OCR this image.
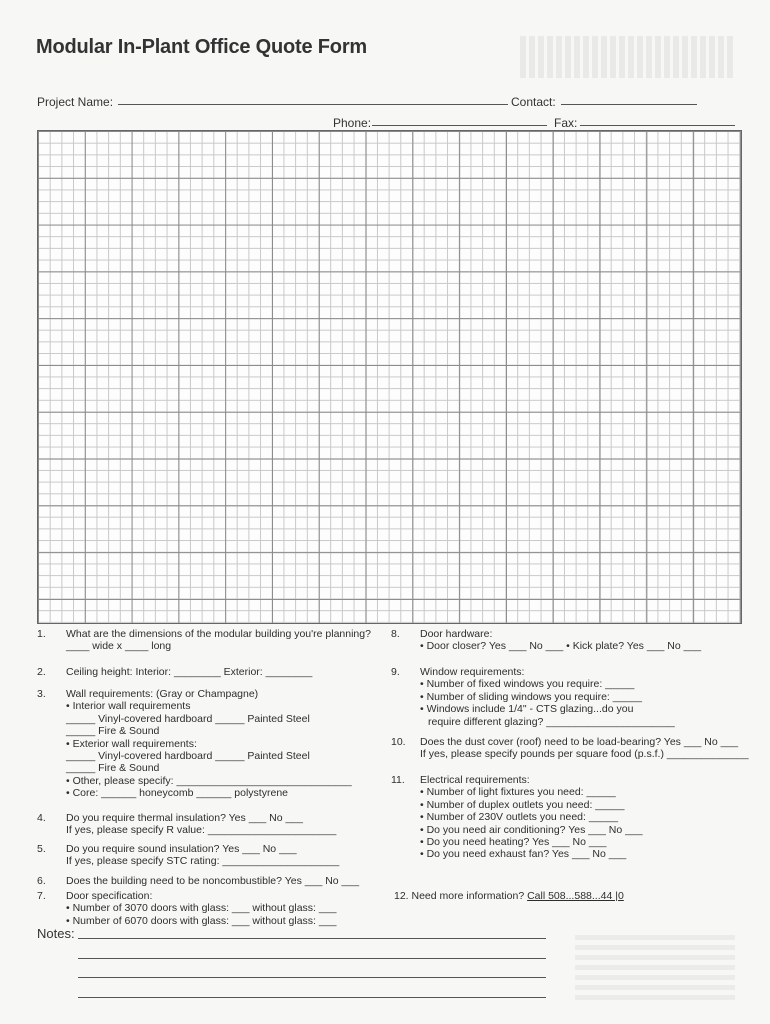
Modular In-Plant Office Quote Form
Project Name:	Contact:
Phone:	Fax:
1.	What are the dimensions of the modular building you're planning?
____ wide x ____ long
2.	Ceiling height: Interior: ________ Exterior: ________
3.	Wall requirements: (Gray or Champagne)
• Interior wall requirements
_____ Vinyl-covered hardboard _____ Painted Steel
_____ Fire & Sound
• Exterior wall requirements:
_____ Vinyl-covered hardboard _____ Painted Steel
_____ Fire & Sound
• Other, please specify: ______________________________
• Core: ______ honeycomb ______ polystyrene
4.	Do you require thermal insulation? Yes ___ No ___
If yes, please specify R value: ______________________
5.	Do you require sound insulation? Yes ___ No ___
If yes, please specify STC rating: ____________________
6.	Does the building need to be noncombustible? Yes ___ No ___
7.	Door specification:
• Number of 3070 doors with glass: ___ without glass: ___
• Number of 6070 doors with glass: ___ without glass: ___
8.	Door hardware:
• Door closer? Yes ___ No ___ • Kick plate? Yes ___ No ___
9.	Window requirements:
• Number of fixed windows you require: _____
• Number of sliding windows you require: _____
• Windows include 1/4" - CTS glazing...do you
require different glazing? ______________________
10.	Does the dust cover (roof) need to be load-bearing? Yes ___ No ___
If yes, please specify pounds per square food (p.s.f.) ______________
11.	Electrical requirements:
• Number of light fixtures you need: _____
• Number of duplex outlets you need: _____
• Number of 230V outlets you need: _____
• Do you need air conditioning? Yes ___ No ___
• Do you need heating? Yes ___ No ___
• Do you need exhaust fan? Yes ___ No ___
12. Need more information? Call 508...588...44 |0
Notes:
